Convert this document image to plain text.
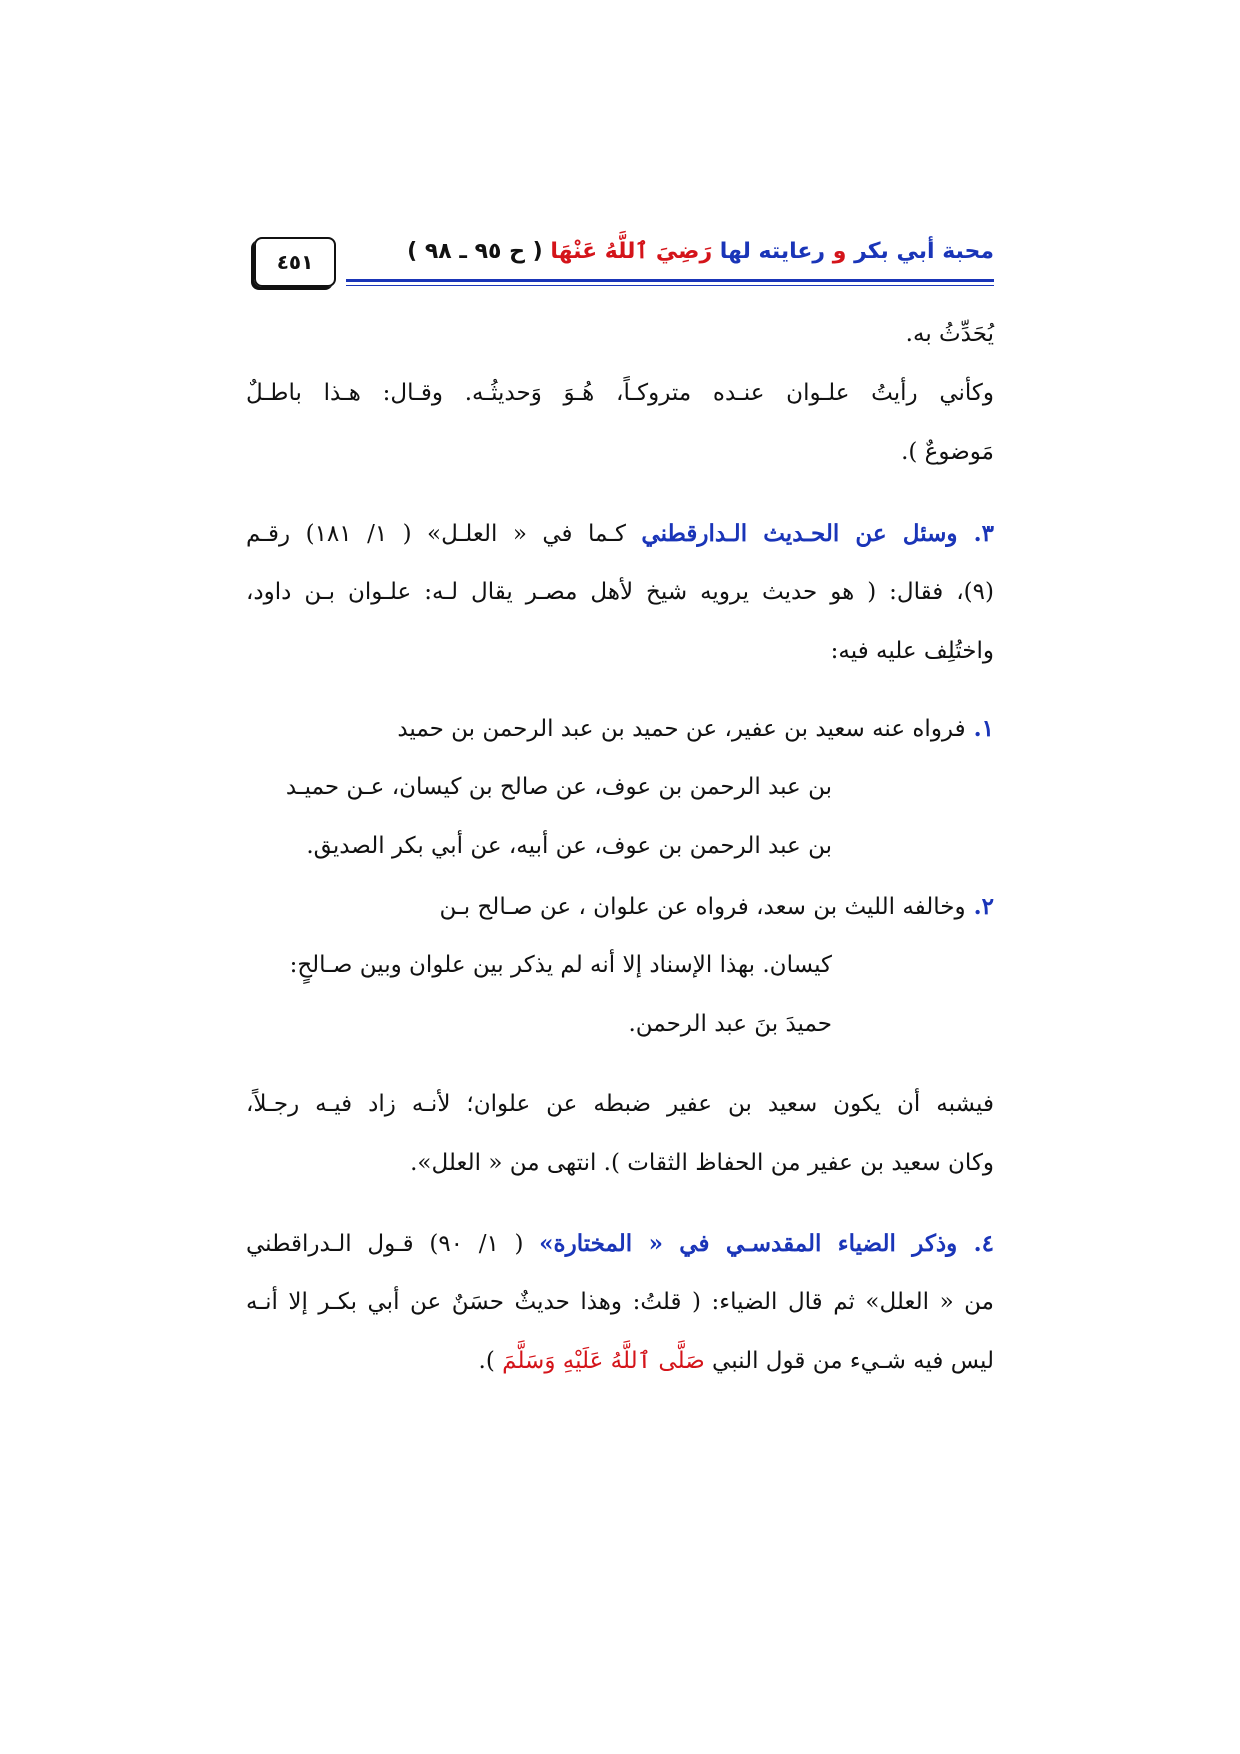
محبة أبي بكر و رعايته لها رَضِيَ ٱللَّهُ عَنْهَا ( ح ٩٥ ـ ٩٨ )
٤٥١
يُحَدِّثُ به.
وكأني رأيتُ علـوان عنـده متروكـاً، هُـوَ وَحديثُـه. وقـال: هـذا باطـلٌ
مَوضوعٌ ).
٣. وسئل عن الحـديث الـدارقطني كـما في « العلـل» ( ١/ ١٨١) رقـم
(٩)، فقال: ( هو حديث يرويه شيخ لأهل مصـر يقال لـه: علـوان بـن داود،
واختُلِف عليه فيه:
١. فرواه عنه سعيد بن عفير، عن حميد بن عبد الرحمن بن حميد
بن عبد الرحمن بن عوف، عن صالح بن كيسان، عـن حميـد
بن عبد الرحمن بن عوف، عن أبيه، عن أبي بكر الصديق.
٢. وخالفه الليث بن سعد، فرواه عن علوان ، عن صـالح بـن
كيسان. بهذا الإسناد إلا أنه لم يذكر بين علوان وبين صـالحٍ:
حميدَ بنَ عبد الرحمن.
فيشبه أن يكون سعيد بن عفير ضبطه عن علوان؛ لأنـه زاد فيـه رجـلاً،
وكان سعيد بن عفير من الحفاظ الثقات ). انتهى من « العلل».
٤. وذكر الضياء المقدسـي في « المختارة» ( ١/ ٩٠) قـول الـدراقطني
من « العلل» ثم قال الضياء: ( قلتُ: وهذا حديثٌ حسَنٌ عن أبي بكـر إلا أنـه
ليس فيه شـيء من قول النبي صَلَّى ٱللَّهُ عَلَيْهِ وَسَلَّمَ ).
